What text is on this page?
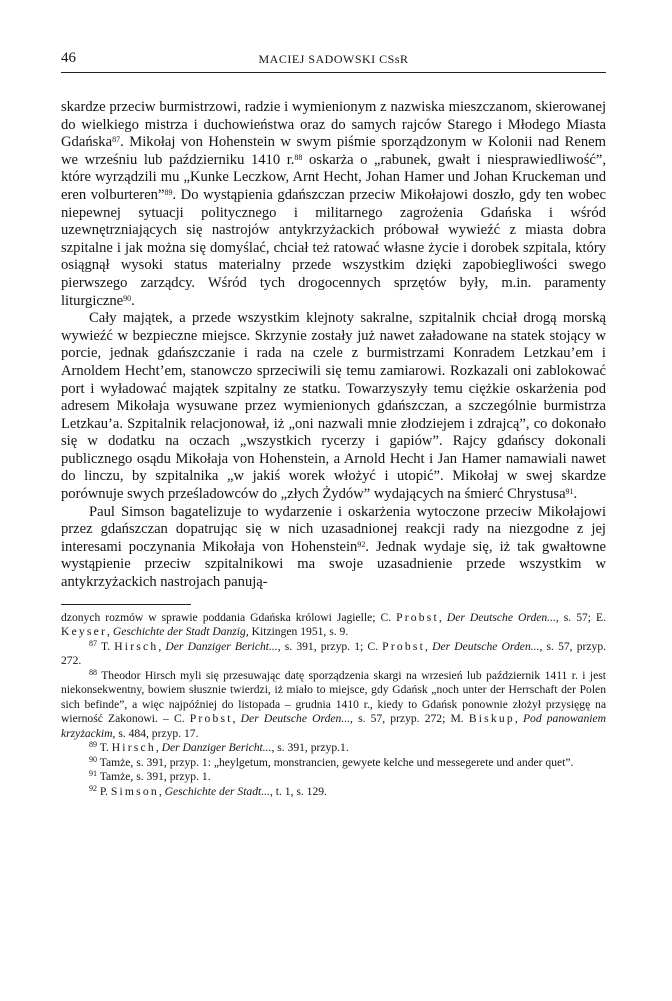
46	MACIEJ SADOWSKI CSsR

skardze przeciw burmistrzowi, radzie i wymienionym z nazwiska mieszczanom, skierowanej do wielkiego mistrza i duchowieństwa oraz do samych rajców Starego i Młodego Miasta Gdańska$^{87}$. Mikołaj von Hohenstein w swym piśmie sporządzonym w Kolonii nad Renem we wrześniu lub październiku 1410 r.$^{88}$ oskarża o „rabunek, gwałt i niesprawiedliwość”, które wyrządzili mu „Kunke Leczkow, Arnt Hecht, Johan Hamer und Johan Kruckeman und eren volburteren”$^{89}$. Do wystąpienia gdańszczan przeciw Mikołajowi doszło, gdy ten wobec niepewnej sytuacji politycznego i militarnego zagrożenia Gdańska i wśród uzewnętrzniających się nastrojów antykrzyżackich próbował wywieźć z miasta dobra szpitalne i jak można się domyślać, chciał też ratować własne życie i dorobek szpitala, który osiągnął wysoki status materialny przede wszystkim dzięki zapobiegliwości swego pierwszego zarządcy. Wśród tych drogocennych sprzętów były, m.in. paramenty liturgiczne$^{90}$.

Cały majątek, a przede wszystkim klejnoty sakralne, szpitalnik chciał drogą morską wywieźć w bezpieczne miejsce. Skrzynie zostały już nawet załadowane na statek stojący w porcie, jednak gdańszczanie i rada na czele z burmistrzami Konradem Letzkau’em i Arnoldem Hecht’em, stanowczo sprzeciwili się temu zamiarowi. Rozkazali oni zablokować port i wyładować majątek szpitalny ze statku. Towarzyszyły temu ciężkie oskarżenia pod adresem Mikołaja wysuwane przez wymienionych gdańszczan, a szczególnie burmistrza Letzkau’a. Szpitalnik relacjonował, iż „oni nazwali mnie złodziejem i zdrajcą”, co dokonało się w dodatku na oczach „wszystkich rycerzy i gapiów”. Rajcy gdańscy dokonali publicznego osądu Mikołaja von Hohenstein, a Arnold Hecht i Jan Hamer namawiali nawet do linczu, by szpitalnika „w jakiś worek włożyć i utopić”. Mikołaj w swej skardze porównuje swych prześladowców do „złych Żydów” wydających na śmierć Chrystusa$^{91}$.

Paul Simson bagatelizuje to wydarzenie i oskarżenia wytoczone przeciw Mikołajowi przez gdańszczan dopatrując się w nich uzasadnionej reakcji rady na niezgodne z jej interesami poczynania Mikołaja von Hohenstein$^{92}$. Jednak wydaje się, iż tak gwałtowne wystąpienie przeciw szpitalnikowi ma swoje uzasadnienie przede wszystkim w antykrzyżackich nastrojach panują-

dzonych rozmów w sprawie poddania Gdańska królowi Jagielle; C. Probst, Der Deutsche Orden..., s. 57; E. Keyser, Geschichte der Stadt Danzig, Kitzingen 1951, s. 9.

$^{87}$ T. Hirsch, Der Danziger Bericht..., s. 391, przyp. 1; C. Probst, Der Deutsche Orden..., s. 57, przyp. 272.

$^{88}$ Theodor Hirsch myli się przesuwając datę sporządzenia skargi na wrzesień lub październik 1411 r. i jest niekonsekwentny, bowiem słusznie twierdzi, iż miało to miejsce, gdy Gdańsk „noch unter der Herrschaft der Polen sich befinde”, a więc najpóźniej do listopada – grudnia 1410 r., kiedy to Gdańsk ponownie złożył przysięgę na wierność Zakonowi. – C. Probst, Der Deutsche Orden..., s. 57, przyp. 272; M. Biskup, Pod panowaniem krzyżackim, s. 484, przyp. 17.

$^{89}$ T. Hirsch, Der Danziger Bericht..., s. 391, przyp.1.

$^{90}$ Tamże, s. 391, przyp. 1: „heylgetum, monstrancien, gewyete kelche und messegerete und ander quet”.

$^{91}$ Tamże, s. 391, przyp. 1.

$^{92}$ P. Simson, Geschichte der Stadt..., t. 1, s. 129.
